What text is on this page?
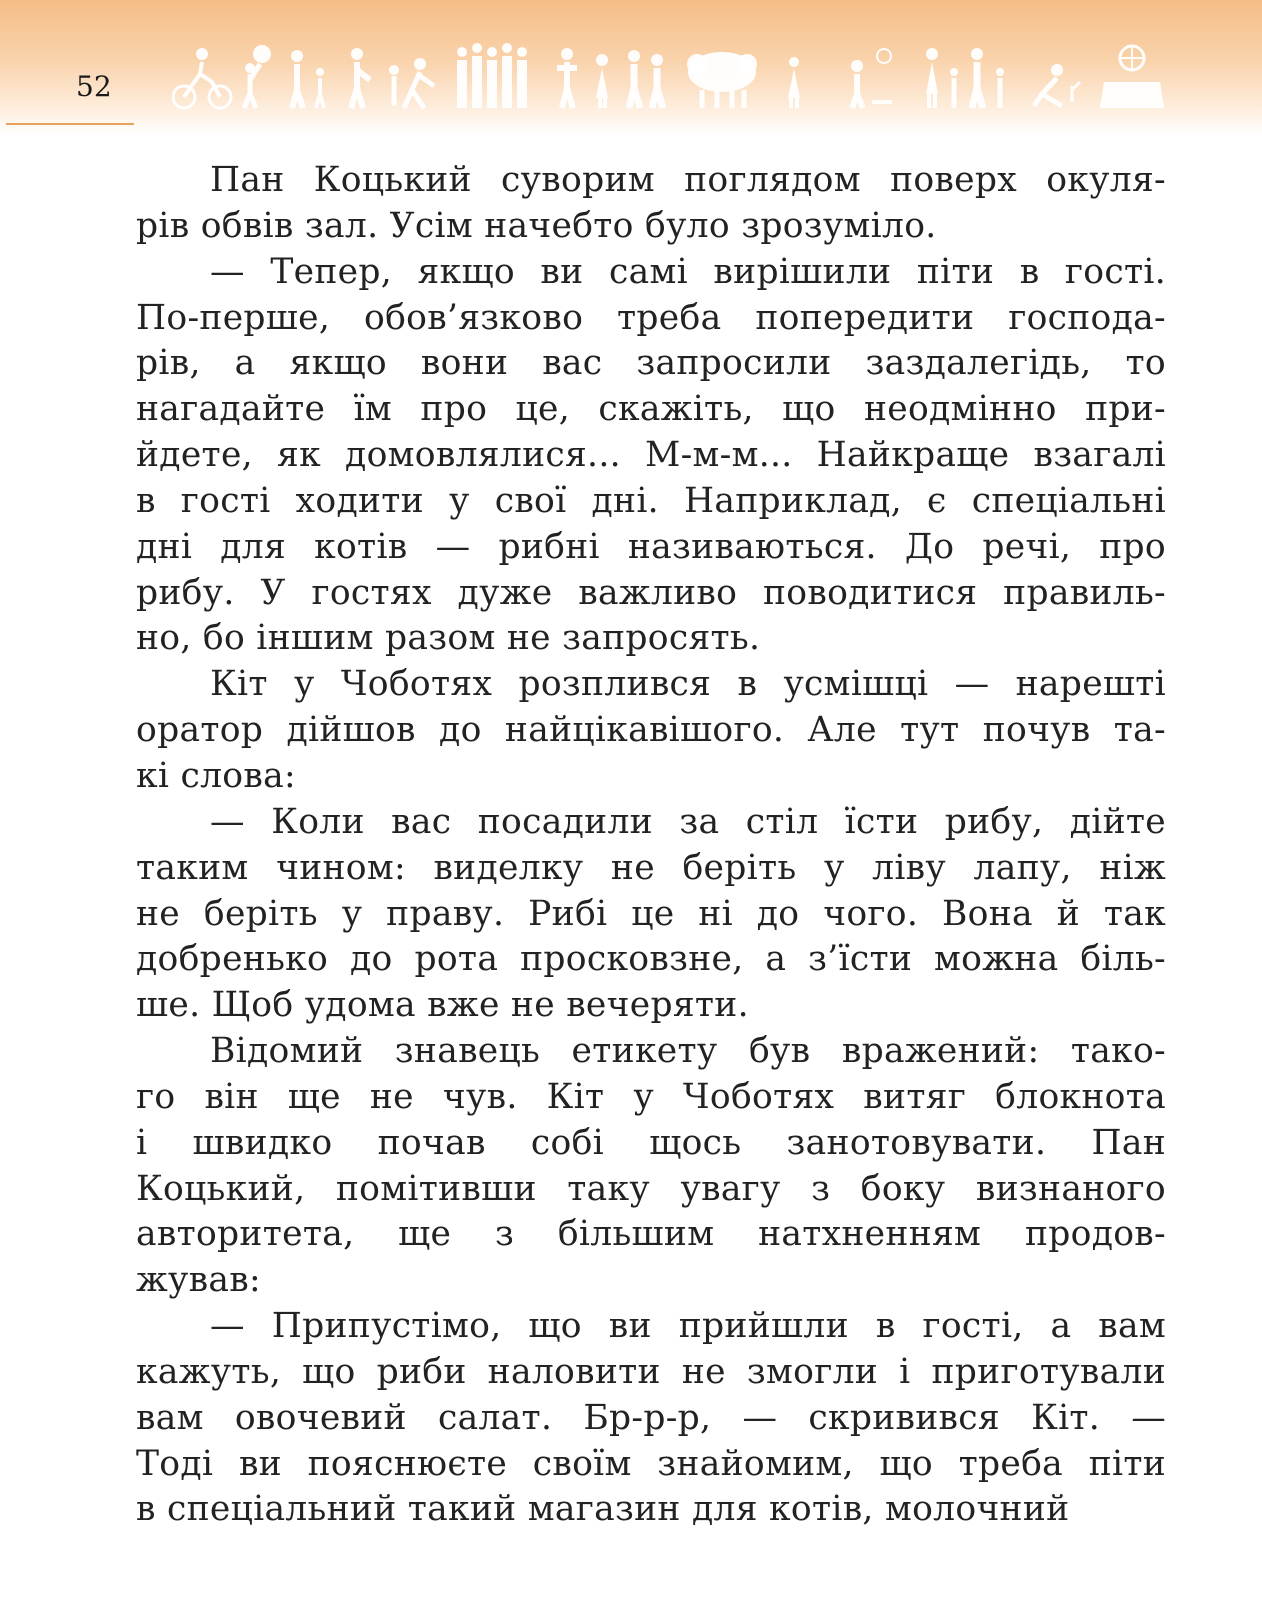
52

Пан Коцький суворим поглядом поверх окуля-
рів обвів зал. Усім начебто було зрозуміло.

— Тепер, якщо ви самі вирішили піти в гості.
По-перше, обов’язково треба попередити господа-
рів, а якщо вони вас запросили заздалегідь, то
нагадайте їм про це, скажіть, що неодмінно при-
йдете, як домовлялися... М-м-м... Найкраще взагалі
в гості ходити у свої дні. Наприклад, є спеціальні
дні для котів — рибні називаються. До речі, про
рибу. У гостях дуже важливо поводитися правиль-
но, бо іншим разом не запросять.

Кіт у Чоботях розплився в усмішці — нарешті
оратор дійшов до найцікавішого. Але тут почув та-
кі слова:

— Коли вас посадили за стіл їсти рибу, дійте
таким чином: виделку не беріть у ліву лапу, ніж
не беріть у праву. Рибі це ні до чого. Вона й так
добренько до рота просковзне, а з’їсти можна біль-
ше. Щоб удома вже не вечеряти.

Відомий знавець етикету був вражений: тако-
го він ще не чув. Кіт у Чоботях витяг блокнота
і швидко почав собі щось занотовувати. Пан
Коцький, помітивши таку увагу з боку визнаного
авторитета, ще з більшим натхненням продов-
жував:

— Припустімо, що ви прийшли в гості, а вам
кажуть, що риби наловити не змогли і приготували
вам овочевий салат. Бр-р-р, — скривився Кіт. —
Тоді ви пояснюєте своїм знайомим, що треба піти
в спеціальний такий магазин для котів, молочний
